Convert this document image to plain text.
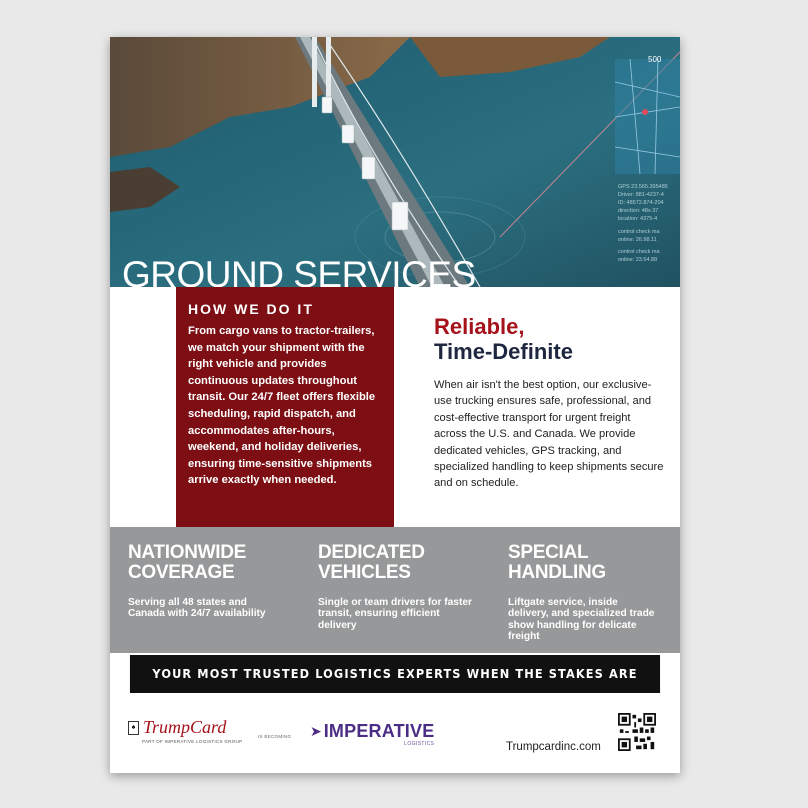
500
GPS 23.565.395485
Driver: 881-4237-4
ID: 48572.874-204
direction: 48s 37
location: 4375-4
control check ma
online: 26.98.11
control check ma
online: 23.54.88
GROUND SERVICES
HOW WE DO IT
From cargo vans to tractor-trailers, we match your shipment with the right vehicle and provides continuous updates throughout transit. Our 24/7 fleet offers flexible scheduling, rapid dispatch, and accommodates after-hours, weekend, and holiday deliveries, ensuring time-sensitive shipments arrive exactly when needed.
Reliable,
Time-Definite
When air isn't the best option, our exclusive-use trucking ensures safe, professional, and cost-effective transport for urgent freight across the U.S. and Canada. We provide dedicated vehicles, GPS tracking, and specialized handling to keep shipments secure and on schedule.
NATIONWIDE COVERAGE
Serving all 48 states and Canada with 24/7 availability
DEDICATED VEHICLES
Single or team drivers for faster transit, ensuring efficient delivery
SPECIAL HANDLING
Liftgate service, inside delivery, and specialized trade show handling for delicate freight
YOUR MOST TRUSTED LOGISTICS EXPERTS WHEN THE STAKES ARE HIGHEST
♠ TrumpCard
PART OF IMPERATIVE LOGISTICS GROUP
IS BECOMING ➤ IMPERATIVE
LOGISTICS	Trumpcardinc.com
